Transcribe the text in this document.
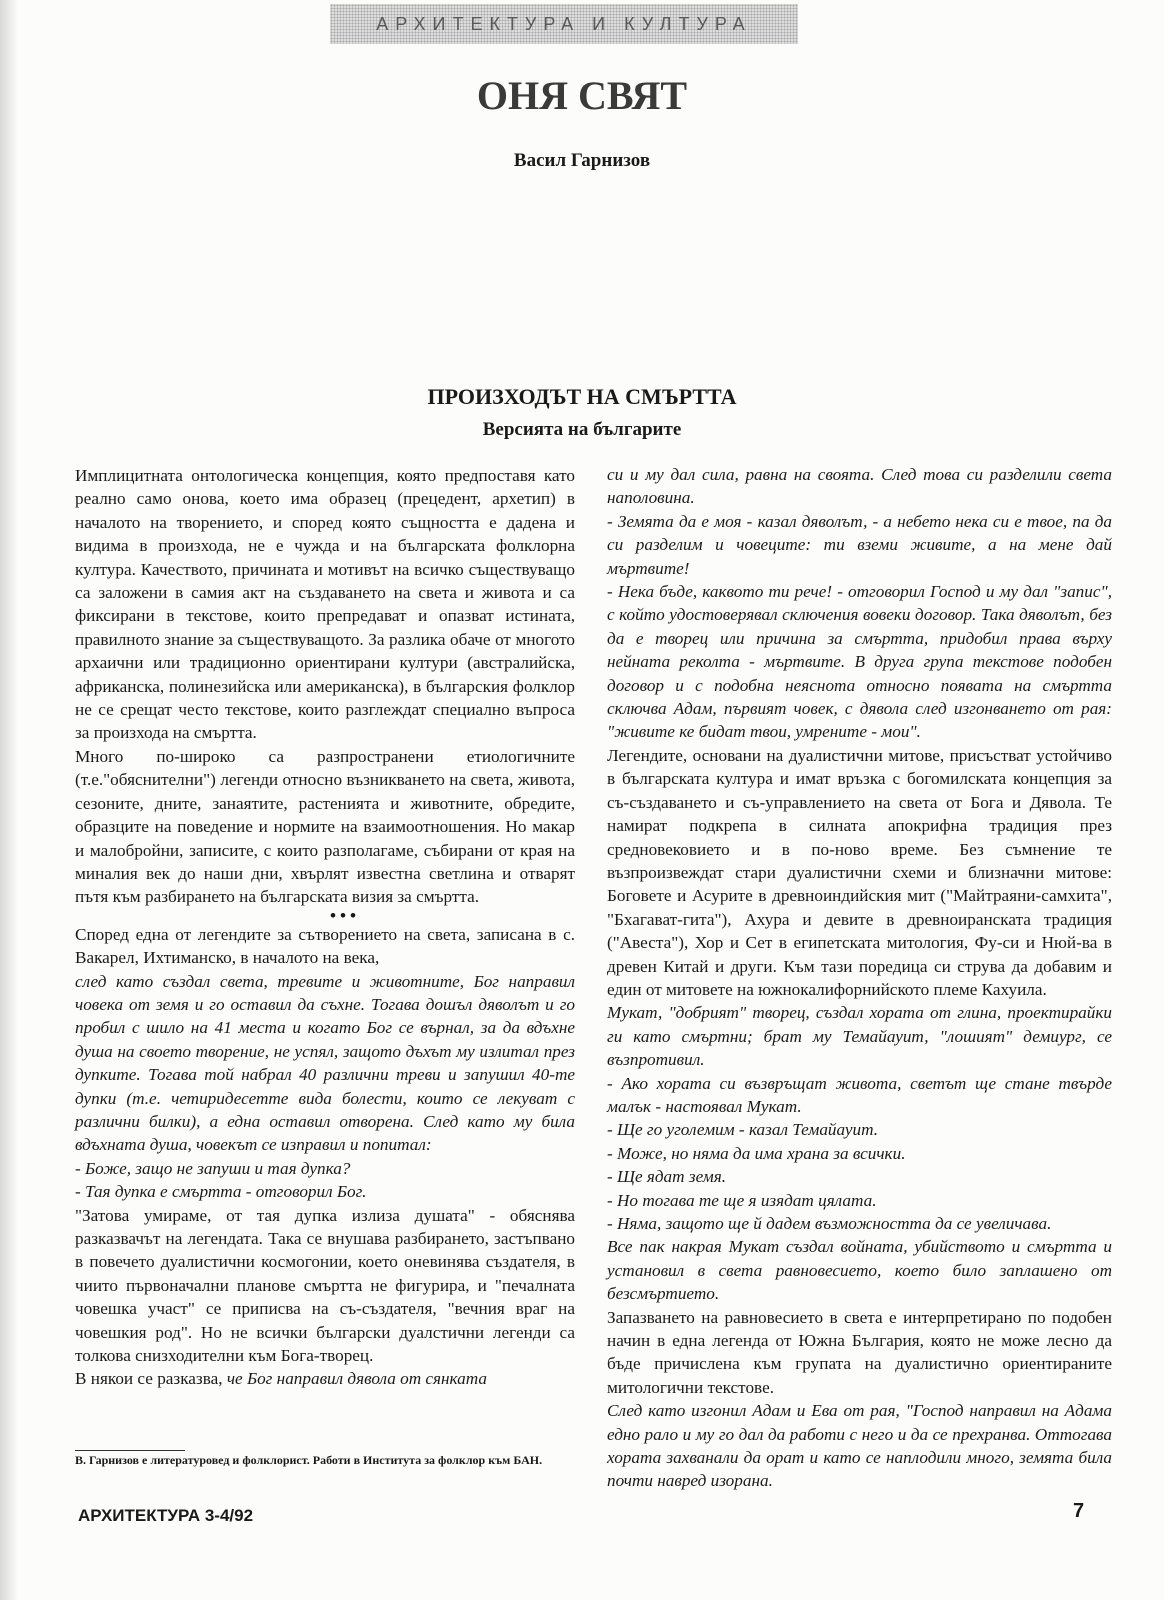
АРХИТЕКТУРА И КУЛТУРА
ОНЯ СВЯТ

Васил Гарнизов

ПРОИЗХОДЪТ НА СМЪРТТА
Версията на българите

Имплицитната онтологическа концепция, която предпоставя като реално само онова, което има образец (прецедент, архетип) в началото на творението, и според която същността е дадена и видима в произхода, не е чужда и на българската фолклорна култура. Качеството, причината и мотивът на всичко съществуващо са заложени в самия акт на създаването на света и живота и са фиксирани в текстове, които препредават и опазват истината, правилното знание за съществуващото. За разлика обаче от многото архаични или традиционно ориентирани култури (австралийска, африканска, полинезийска или американска), в българския фолклор не се срещат често текстове, които разглеждат специално въпроса за произхода на смъртта.

Много по-широко са разпространени етиологичните (т.е."обяснителни") легенди относно възникването на света, живота, сезоните, дните, занаятите, растенията и животните, обредите, образците на поведение и нормите на взаимоотношения. Но макар и малобройни, записите, с които разполагаме, събирани от края на миналия век до наши дни, хвърлят известна светлина и отварят пътя към разбирането на българската визия за смъртта.

•••

Според една от легендите за сътворението на света, записана в с. Вакарел, Ихтиманско, в началото на века,

след като създал света, тревите и животните, Бог направил човека от земя и го оставил да съхне. Тогава дошъл дяволът и го пробил с шило на 41 места и когато Бог се върнал, за да вдъхне душа на своето творение, не успял, защото дъхът му излитал през дупките. Тогава той набрал 40 различни треви и запушил 40-те дупки (т.е. четиридесетте вида болести, които се лекуват с различни билки), а една оставил отворена. След като му била вдъхната душа, човекът се изправил и попитал:

- Боже, защо не запуши и тая дупка?

- Тая дупка е смъртта - отговорил Бог.

"Затова умираме, от тая дупка излиза душата" - обяснява разказвачът на легендата. Така се внушава разбирането, застъпвано в повечето дуалистични космогонии, което оневинява създателя, в чиито първоначални планове смъртта не фигурира, и "печалната човешка участ" се приписва на съ-създателя, "вечния враг на човешкия род". Но не всички български дуалстични легенди са толкова снизходителни към Бога-творец.

В някои се разказва, че Бог направил дявола от сянката

си и му дал сила, равна на своята. След това си разделили света наполовина.

- Земята да е моя - казал дяволът, - а небето нека си е твое, па да си разделим и човеците: ти вземи живите, а на мене дай мъртвите!

- Нека бъде, каквото ти рече! - отговорил Господ и му дал "запис", с който удостоверявал сключения вовеки договор. Така дяволът, без да е творец или причина за смъртта, придобил права върху нейната реколта - мъртвите. В друга група текстове подобен договор и с подобна неяснота относно появата на смъртта сключва Адам, първият човек, с дявола след изгонването от рая: "живите ке бидат твои, умрените - мои".

Легендите, основани на дуалистични митове, присъстват устойчиво в българската култура и имат връзка с богомилската концепция за съ-създаването и съ-управлението на света от Бога и Дявола. Те намират подкрепа в силната апокрифна традиция през средновековието и в по-ново време. Без съмнение те възпроизвеждат стари дуалистични схеми и близначни митове: Боговете и Асурите в древноиндийския мит ("Майтраяни-самхита", "Бхагават-гита"), Ахура и девите в древноиранската традиция ("Авеста"), Хор и Сет в египетската митология, Фу-си и Нюй-ва в древен Китай и други. Към тази поредица си струва да добавим и един от митовете на южнокалифорнийското племе Кахуила.

Мукат, "добрият" творец, създал хората от глина, проектирайки ги като смъртни; брат му Темайауит, "лошият" демиург, се възпротивил.

- Ако хората си възвръщат живота, светът ще стане твърде малък - настоявал Мукат.

- Ще го уголемим - казал Темайауит.

- Може, но няма да има храна за всички.

- Ще ядат земя.

- Но тогава те ще я изядат цялата.

- Няма, защото ще й дадем възможността да се увеличава.

Все пак накрая Мукат създал войната, убийството и смъртта и установил в света равновесието, което било заплашено от безсмъртието.

Запазването на равновесието в света е интерпретирано по подобен начин в една легенда от Южна България, която не може лесно да бъде причислена към групата на дуалистично ориентираните митологични текстове.

След като изгонил Адам и Ева от рая, "Господ направил на Адама едно рало и му го дал да работи с него и да се прехранва. Оттогава хората захванали да орат и като се наплодили много, земята била почти навред изорана.

В. Гарнизов е литературовед и фолклорист. Работи в Института за фолклор към БАН.

АРХИТЕКТУРА 3-4/92	7
